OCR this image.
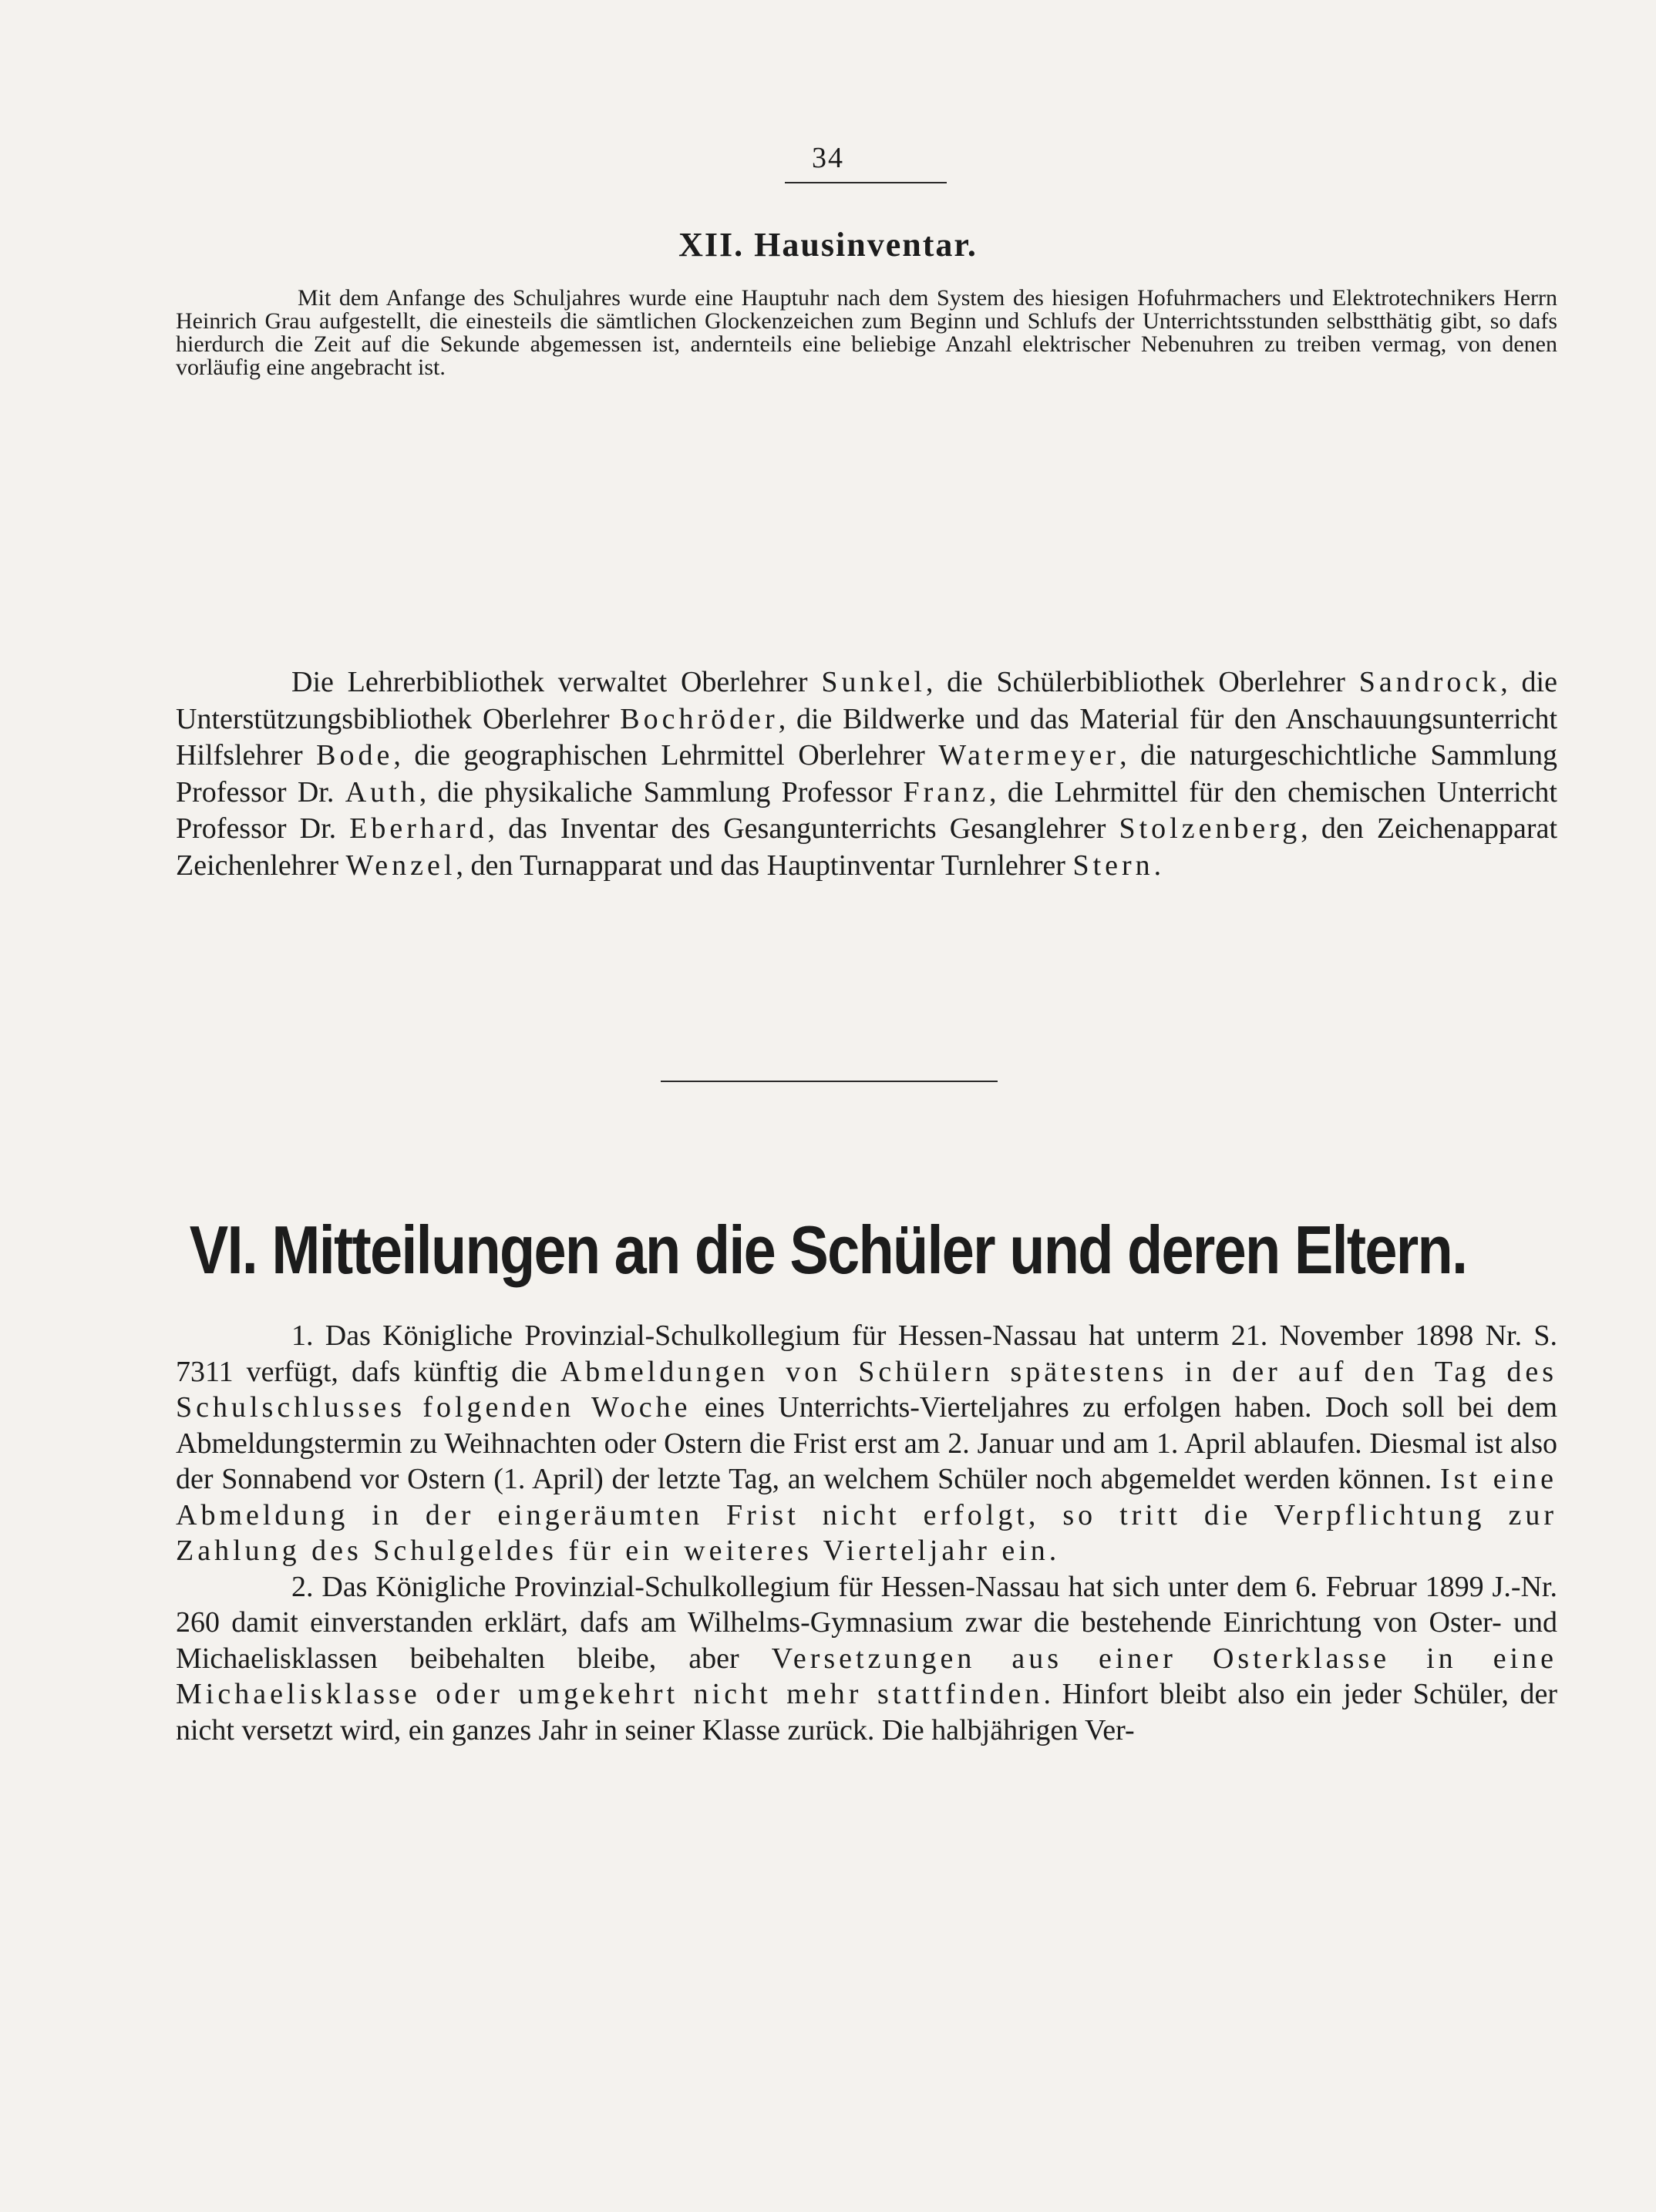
34
XII. Hausinventar.

Mit dem Anfange des Schuljahres wurde eine Hauptuhr nach dem System des hiesigen Hofuhrmachers und Elektrotechnikers Herrn Heinrich Grau aufgestellt, die einesteils die sämtlichen Glockenzeichen zum Beginn und Schlufs der Unterrichtsstunden selbstthätig gibt, so dafs hierdurch die Zeit auf die Sekunde abgemessen ist, andernteils eine beliebige Anzahl elektrischer Nebenuhren zu treiben vermag, von denen vorläufig eine angebracht ist.

Die Lehrerbibliothek verwaltet Oberlehrer Sunkel, die Schülerbibliothek Oberlehrer Sandrock, die Unterstützungsbibliothek Oberlehrer Bochröder, die Bildwerke und das Material für den Anschauungsunterricht Hilfslehrer Bode, die geographischen Lehrmittel Oberlehrer Watermeyer, die naturgeschichtliche Sammlung Professor Dr. Auth, die physikaliche Sammlung Professor Franz, die Lehrmittel für den chemischen Unterricht Professor Dr. Eberhard, das Inventar des Gesangunterrichts Gesanglehrer Stolzenberg, den Zeichenapparat Zeichenlehrer Wenzel, den Turnapparat und das Hauptinventar Turnlehrer Stern.

VI. Mitteilungen an die Schüler und deren Eltern.

1. Das Königliche Provinzial-Schulkollegium für Hessen-Nassau hat unterm 21. November 1898 Nr. S. 7311 verfügt, dafs künftig die Abmeldungen von Schülern spätestens in der auf den Tag des Schulschlusses folgenden Woche eines Unterrichts-Vierteljahres zu erfolgen haben. Doch soll bei dem Abmeldungstermin zu Weihnachten oder Ostern die Frist erst am 2. Januar und am 1. April ablaufen. Diesmal ist also der Sonnabend vor Ostern (1. April) der letzte Tag, an welchem Schüler noch abgemeldet werden können. Ist eine Abmeldung in der eingeräumten Frist nicht erfolgt, so tritt die Verpflichtung zur Zahlung des Schulgeldes für ein weiteres Vierteljahr ein.

2. Das Königliche Provinzial-Schulkollegium für Hessen-Nassau hat sich unter dem 6. Februar 1899 J.-Nr. 260 damit einverstanden erklärt, dafs am Wilhelms-Gymnasium zwar die bestehende Einrichtung von Oster- und Michaelisklassen beibehalten bleibe, aber Versetzungen aus einer Osterklasse in eine Michaelisklasse oder umgekehrt nicht mehr stattfinden. Hinfort bleibt also ein jeder Schüler, der nicht versetzt wird, ein ganzes Jahr in seiner Klasse zurück. Die halbjährigen Ver-
